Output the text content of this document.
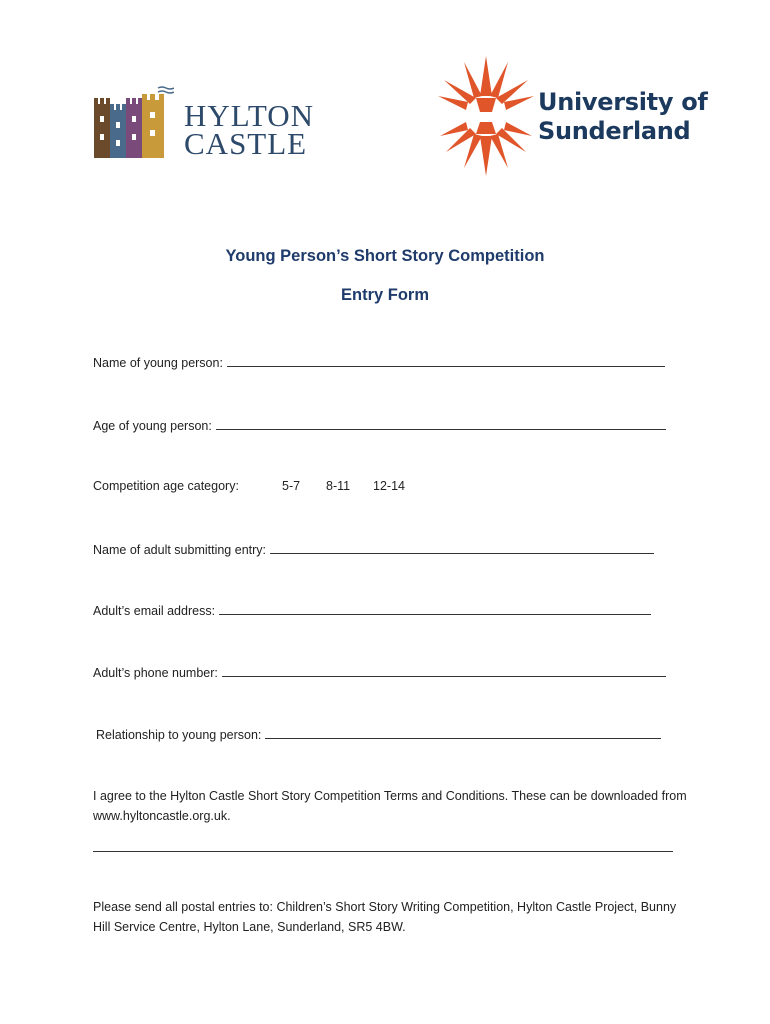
HYLTON
CASTLE
University of
Sunderland
Young Person’s Short Story Competition
Entry Form
Name of young person:
Age of young person:
Competition age category:	5-7 8-11 12-14
Name of adult submitting entry:
Adult’s email address:
Adult’s phone number:
Relationship to young person:
I agree to the Hylton Castle Short Story Competition Terms and Conditions. These can be downloaded from www.hyltoncastle.org.uk.
Please send all postal entries to: Children’s Short Story Writing Competition, Hylton Castle Project, Bunny Hill Service Centre, Hylton Lane, Sunderland, SR5 4BW.
